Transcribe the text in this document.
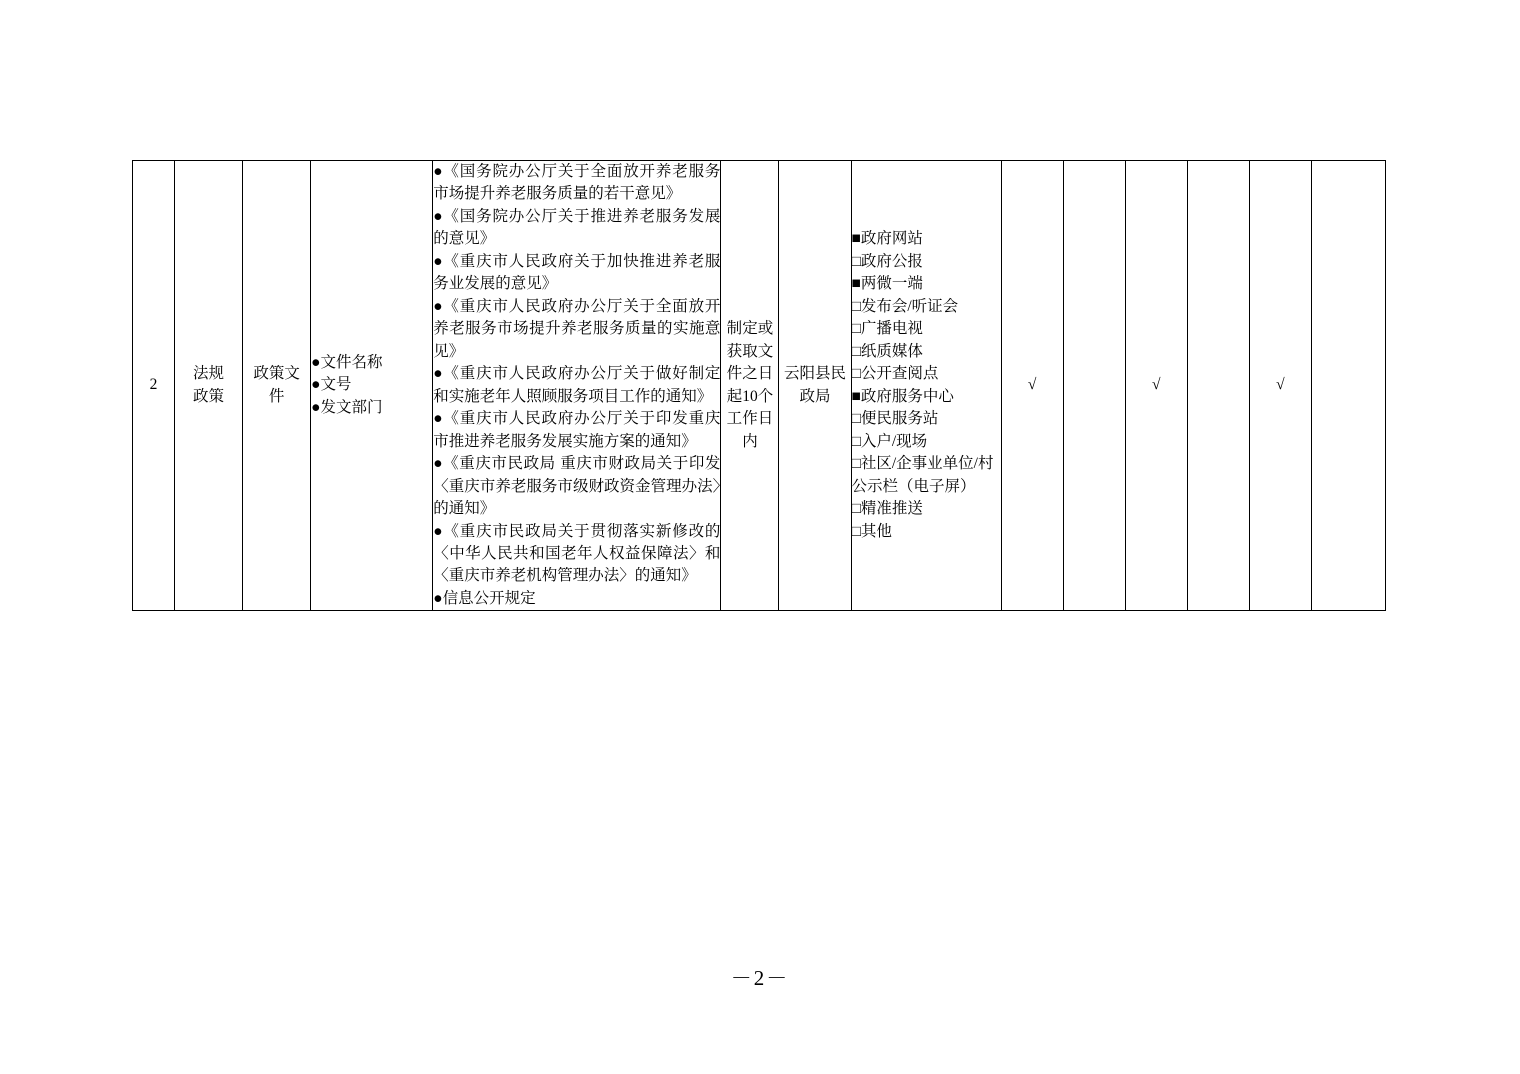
2	
法规
政策

政策文
件

●文件名称
●文号
●发文部门

●《国务院办公厅关于全面放开养老服务市场提升养老服务质量的若干意见》
●《国务院办公厅关于推进养老服务发展的意见》
●《重庆市人民政府关于加快推进养老服务业发展的意见》
●《重庆市人民政府办公厅关于全面放开养老服务市场提升养老服务质量的实施意见》
●《重庆市人民政府办公厅关于做好制定和实施老年人照顾服务项目工作的通知》
●《重庆市人民政府办公厅关于印发重庆市推进养老服务发展实施方案的通知》
●《重庆市民政局 重庆市财政局关于印发〈重庆市养老服务市级财政资金管理办法〉的通知》
●《重庆市民政局关于贯彻落实新修改的〈中华人民共和国老年人权益保障法〉和〈重庆市养老机构管理办法〉的通知》
●信息公开规定
	制定或获取文件之日起10个工作日内	云阳县民政局	
■政府网站
□政府公报
■两微一端
□发布会/听证会
□广播电视
□纸质媒体
□公开查阅点
■政府服务中心
□便民服务站
□入户/现场
□社区/企事业单位/村公示栏（电子屏）
□精准推送
□其他
	√		√		√	
－2－
